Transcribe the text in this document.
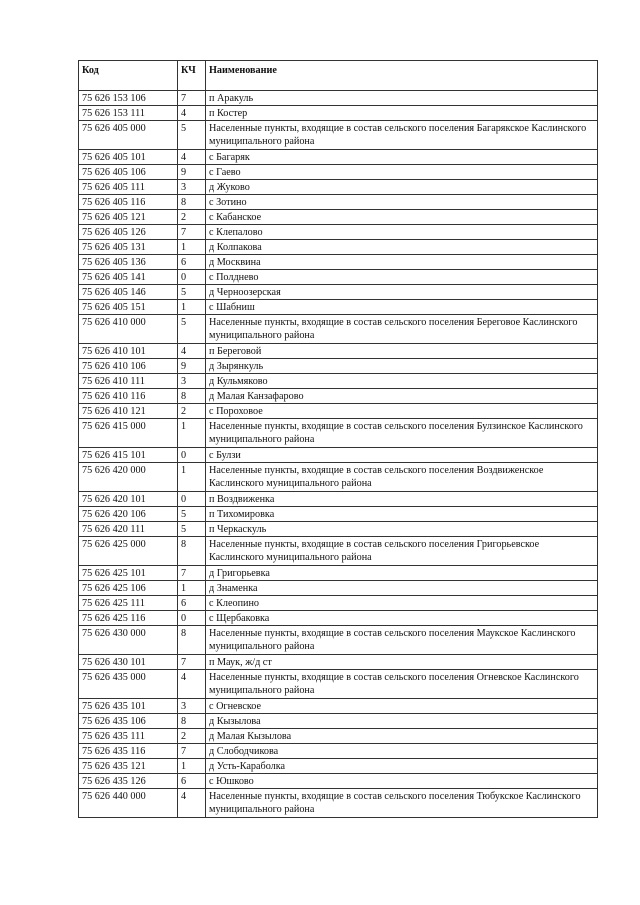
Код	КЧ	Наименование
75 626 153 106	7	п Аракуль
75 626 153 111	4	п Костер
75 626 405 000	5	Населенные пункты, входящие в состав сельского поселения Багарякское Каслинского муниципального района
75 626 405 101	4	с Багаряк
75 626 405 106	9	с Гаево
75 626 405 111	3	д Жуково
75 626 405 116	8	с Зотино
75 626 405 121	2	с Кабанское
75 626 405 126	7	с Клепалово
75 626 405 131	1	д Колпакова
75 626 405 136	6	д Москвина
75 626 405 141	0	с Полднево
75 626 405 146	5	д Черноозерская
75 626 405 151	1	с Шабниш
75 626 410 000	5	Населенные пункты, входящие в состав сельского поселения Береговое Каслинского муниципального района
75 626 410 101	4	п Береговой
75 626 410 106	9	д Зырянкуль
75 626 410 111	3	д Кульмяково
75 626 410 116	8	д Малая Канзафарово
75 626 410 121	2	с Пороховое
75 626 415 000	1	Населенные пункты, входящие в состав сельского поселения Булзинское Каслинского муниципального района
75 626 415 101	0	с Булзи
75 626 420 000	1	Населенные пункты, входящие в состав сельского поселения Воздвиженское Каслинского муниципального района
75 626 420 101	0	п Воздвиженка
75 626 420 106	5	п Тихомировка
75 626 420 111	5	п Черкаскуль
75 626 425 000	8	Населенные пункты, входящие в состав сельского поселения Григорьевское Каслинского муниципального района
75 626 425 101	7	д Григорьевка
75 626 425 106	1	д Знаменка
75 626 425 111	6	с Клеопино
75 626 425 116	0	с Щербаковка
75 626 430 000	8	Населенные пункты, входящие в состав сельского поселения Маукское Каслинского муниципального района
75 626 430 101	7	п Маук, ж/д ст
75 626 435 000	4	Населенные пункты, входящие в состав сельского поселения Огневское Каслинского муниципального района
75 626 435 101	3	с Огневское
75 626 435 106	8	д Кызылова
75 626 435 111	2	д Малая Кызылова
75 626 435 116	7	д Слободчикова
75 626 435 121	1	д Усть-Караболка
75 626 435 126	6	с Юшково
75 626 440 000	4	Населенные пункты, входящие в состав сельского поселения Тюбукское Каслинского муниципального района
